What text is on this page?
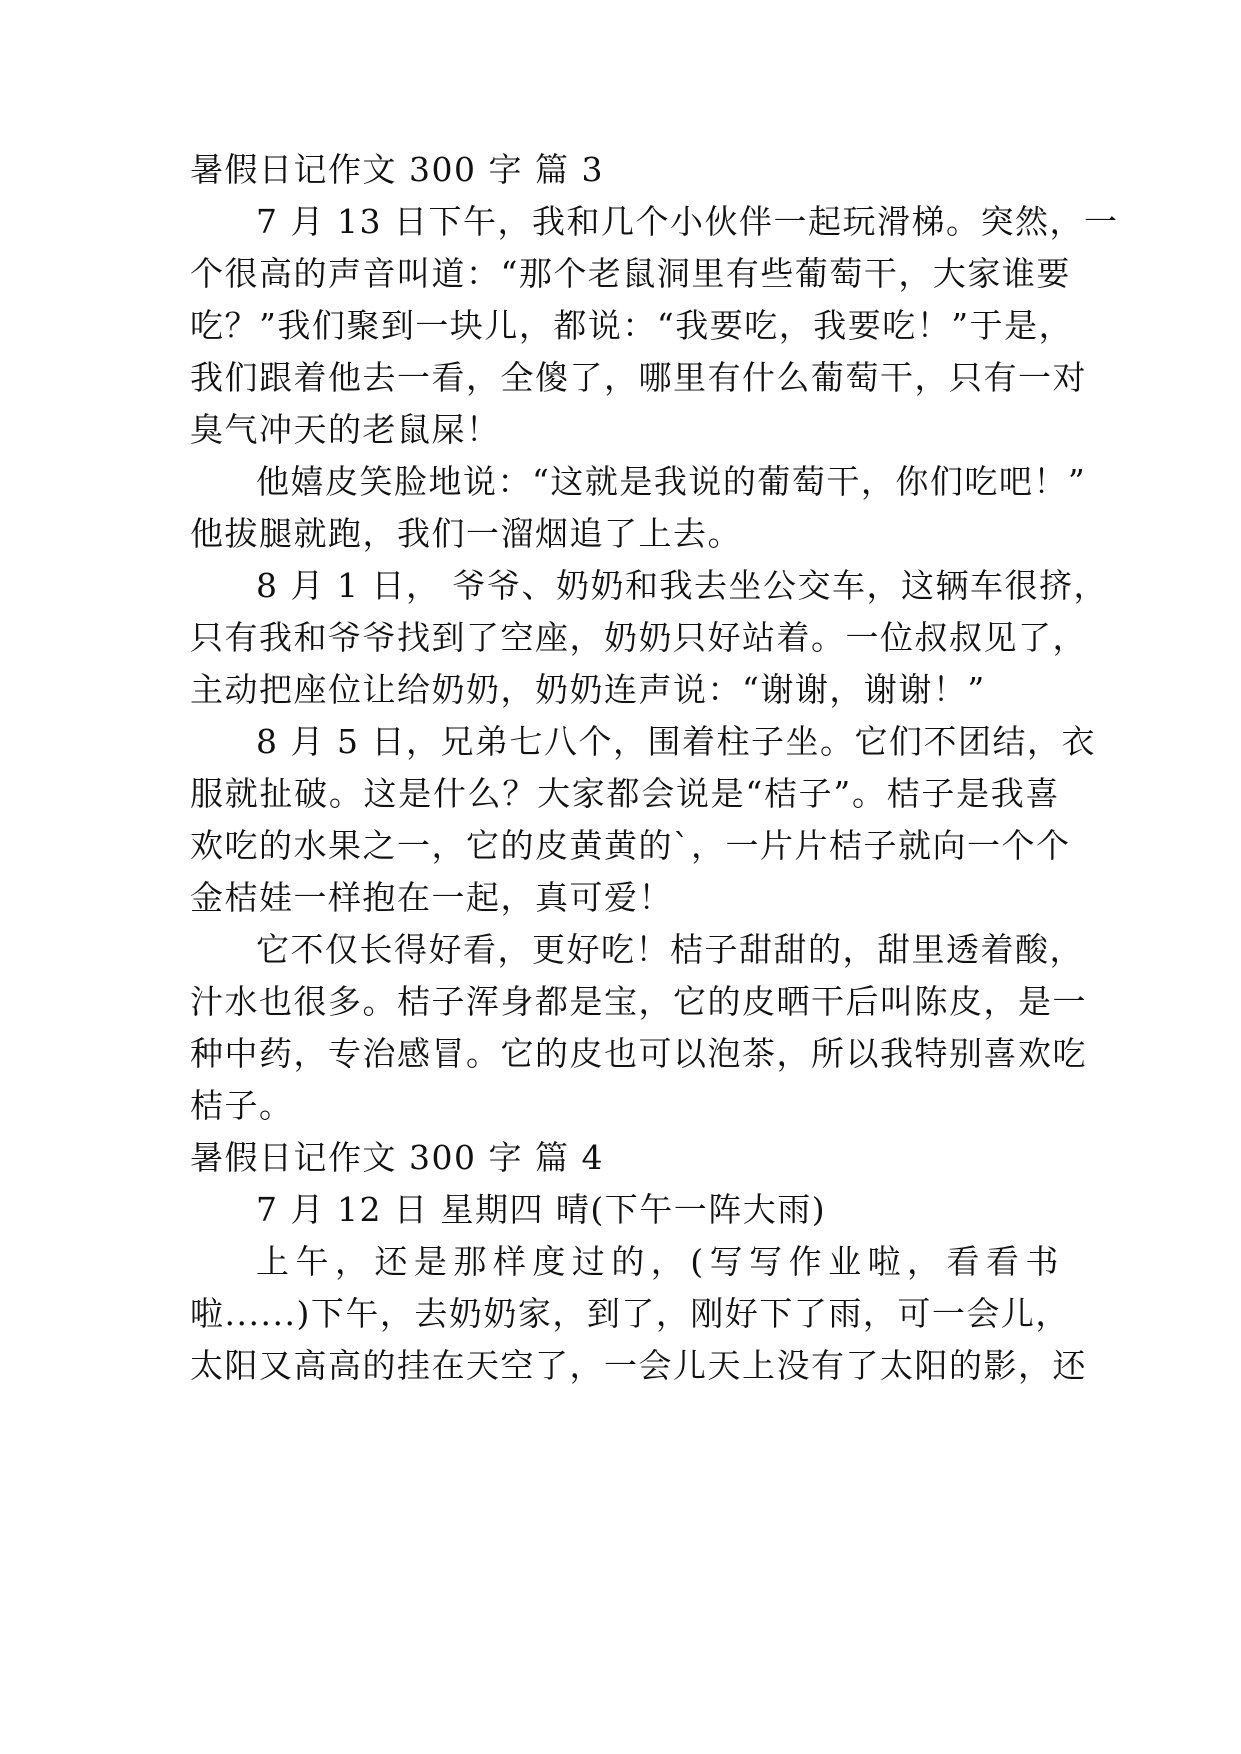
暑假日记作文 300 字 篇 3
7 月 13 日下午，我和几个小伙伴一起玩滑梯。突然，一
个很高的声音叫道：“那个老鼠洞里有些葡萄干，大家谁要
吃？”我们聚到一块儿，都说：“我要吃，我要吃！”于是，
我们跟着他去一看，全傻了，哪里有什么葡萄干，只有一对
臭气冲天的老鼠屎！
他嬉皮笑脸地说：“这就是我说的葡萄干，你们吃吧！”
他拔腿就跑，我们一溜烟追了上去。
8 月 1 日， 爷爷、奶奶和我去坐公交车，这辆车很挤，
只有我和爷爷找到了空座，奶奶只好站着。一位叔叔见了，
主动把座位让给奶奶，奶奶连声说：“谢谢，谢谢！”
8 月 5 日，兄弟七八个，围着柱子坐。它们不团结，衣
服就扯破。这是什么？大家都会说是“桔子”。桔子是我喜
欢吃的水果之一，它的皮黄黄的`，一片片桔子就向一个个
金桔娃一样抱在一起，真可爱！
它不仅长得好看，更好吃！桔子甜甜的，甜里透着酸，
汁水也很多。桔子浑身都是宝，它的皮晒干后叫陈皮，是一
种中药，专治感冒。它的皮也可以泡茶，所以我特别喜欢吃
桔子。
暑假日记作文 300 字 篇 4
7 月 12 日 星期四 晴(下午一阵大雨)
上午，还是那样度过的，(写写作业啦，看看书
啦......)下午，去奶奶家，到了，刚好下了雨，可一会儿，
太阳又高高的挂在天空了，一会儿天上没有了太阳的影，还
